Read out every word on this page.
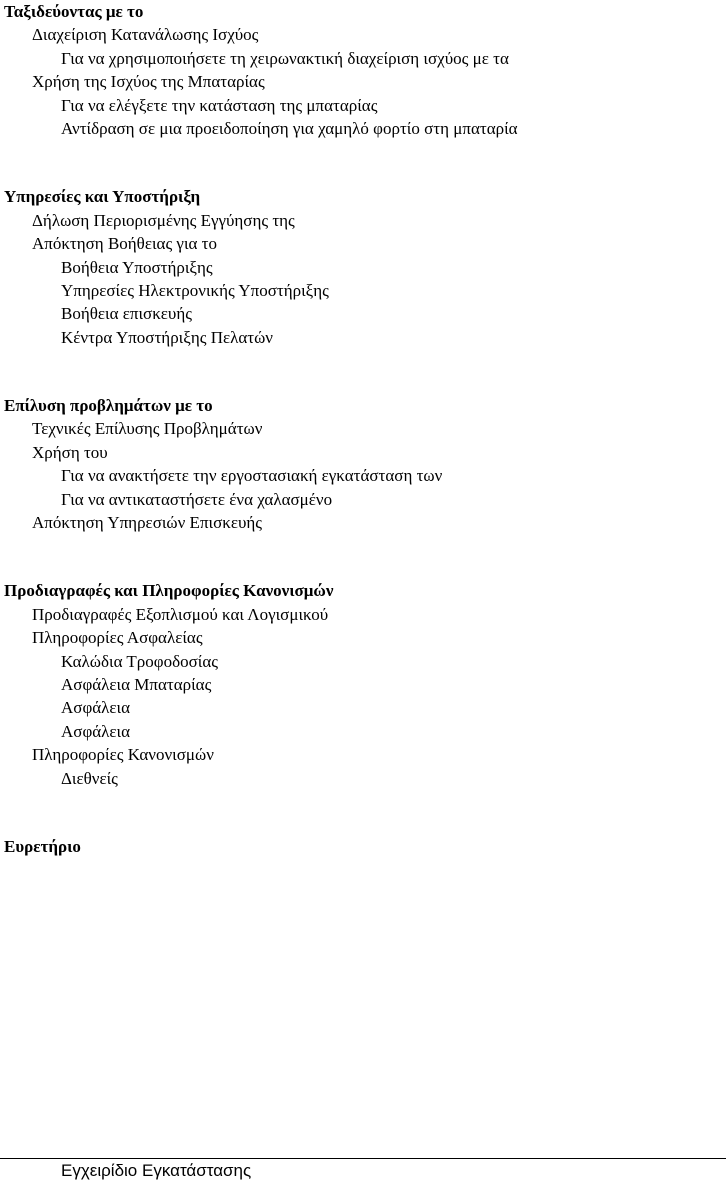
Ταξιδεύοντας με το
Διαχείριση Κατανάλωσης Ισχύος
Για να χρησιμοποιήσετε τη χειρωνακτική διαχείριση ισχύος με τα
Χρήση της Ισχύος της Μπαταρίας
Για να ελέγξετε την κατάσταση της μπαταρίας
Αντίδραση σε μια προειδοποίηση για χαμηλό φορτίο στη μπαταρία
Υπηρεσίες και Υποστήριξη
Δήλωση Περιορισμένης Εγγύησης της
Απόκτηση Βοήθειας για το
Βοήθεια Υποστήριξης
Υπηρεσίες Ηλεκτρονικής Υποστήριξης
Βοήθεια επισκευής
Κέντρα Υποστήριξης Πελατών
Επίλυση προβλημάτων με το
Τεχνικές Επίλυσης Προβλημάτων
Χρήση του
Για να ανακτήσετε την εργοστασιακή εγκατάσταση των
Για να αντικαταστήσετε ένα χαλασμένο
Απόκτηση Υπηρεσιών Επισκευής
Προδιαγραφές και Πληροφορίες Κανονισμών
Προδιαγραφές Εξοπλισμού και Λογισμικού
Πληροφορίες Ασφαλείας
Καλώδια Τροφοδοσίας
Ασφάλεια Μπαταρίας
Ασφάλεια
Ασφάλεια
Πληροφορίες Κανονισμών
Διεθνείς
Ευρετήριο
Εγχειρίδιο Εγκατάστασης
